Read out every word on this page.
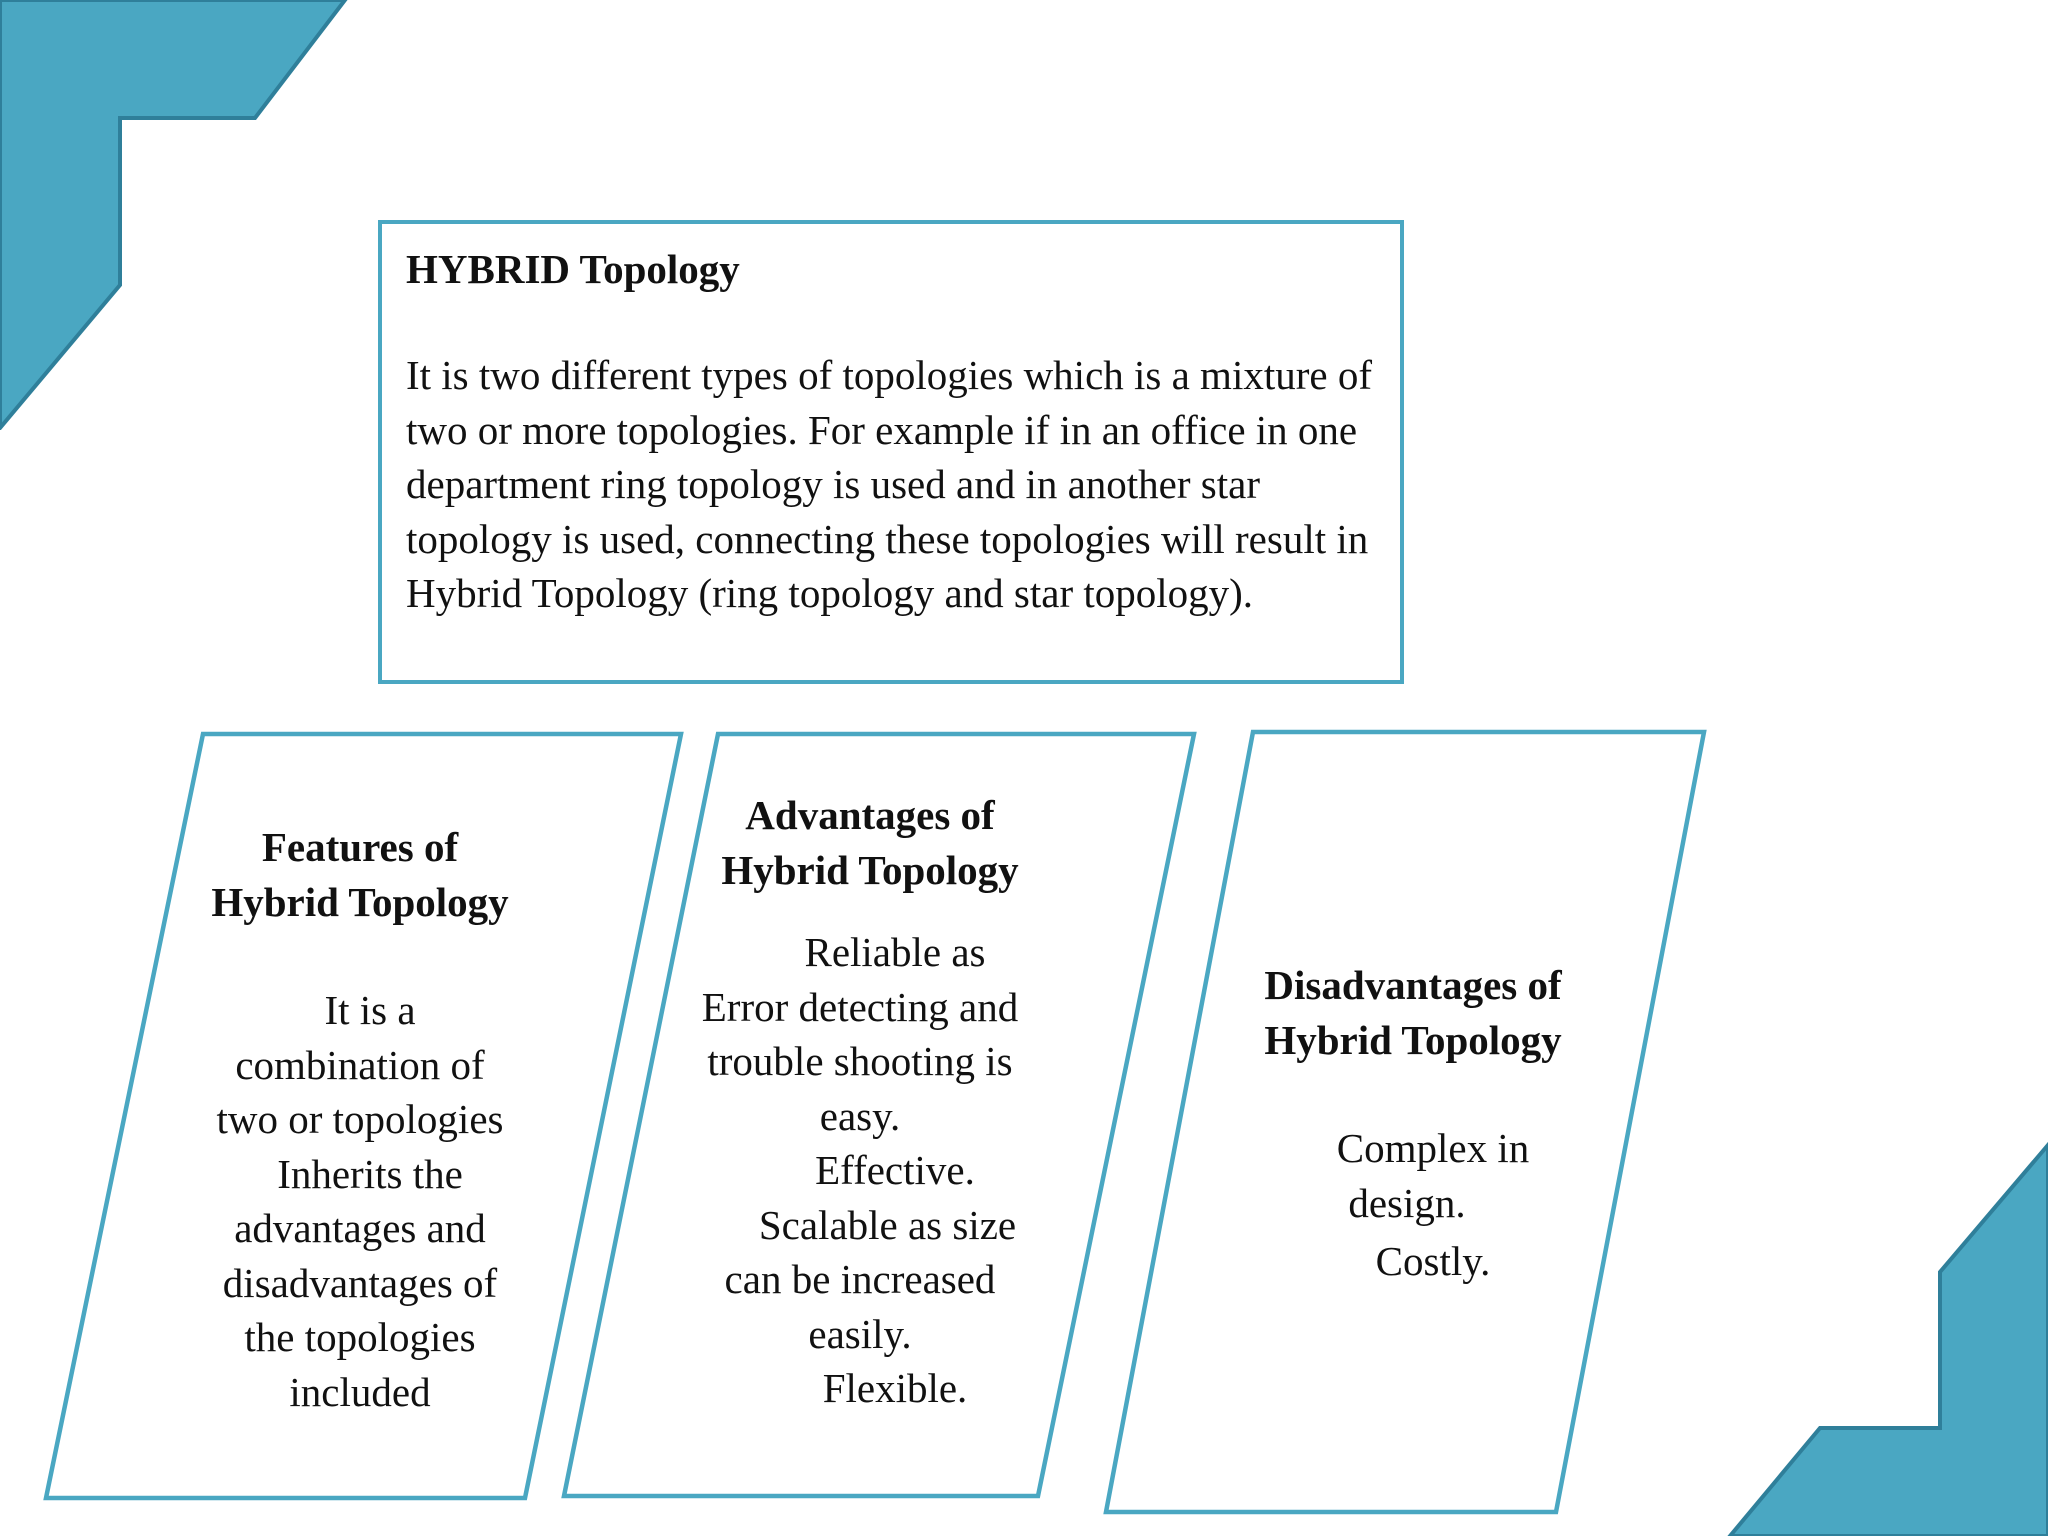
HYBRID Topology

It is two different types of topologies which is a mixture of two or more topologies. For example if in an office in one department ring topology is used and in another star topology is used, connecting these topologies will result in Hybrid Topology (ring topology and star topology).

Features of
Hybrid Topology
It is a
combination of
two or topologies
Inherits the
advantages and
disadvantages of
the topologies
included
Advantages of
Hybrid Topology
Reliable as
Error detecting and
trouble shooting is
easy.
Effective.
Scalable as size
can be increased
easily.
Flexible.
Disadvantages of
Hybrid Topology
Complex in
design.
Costly.
